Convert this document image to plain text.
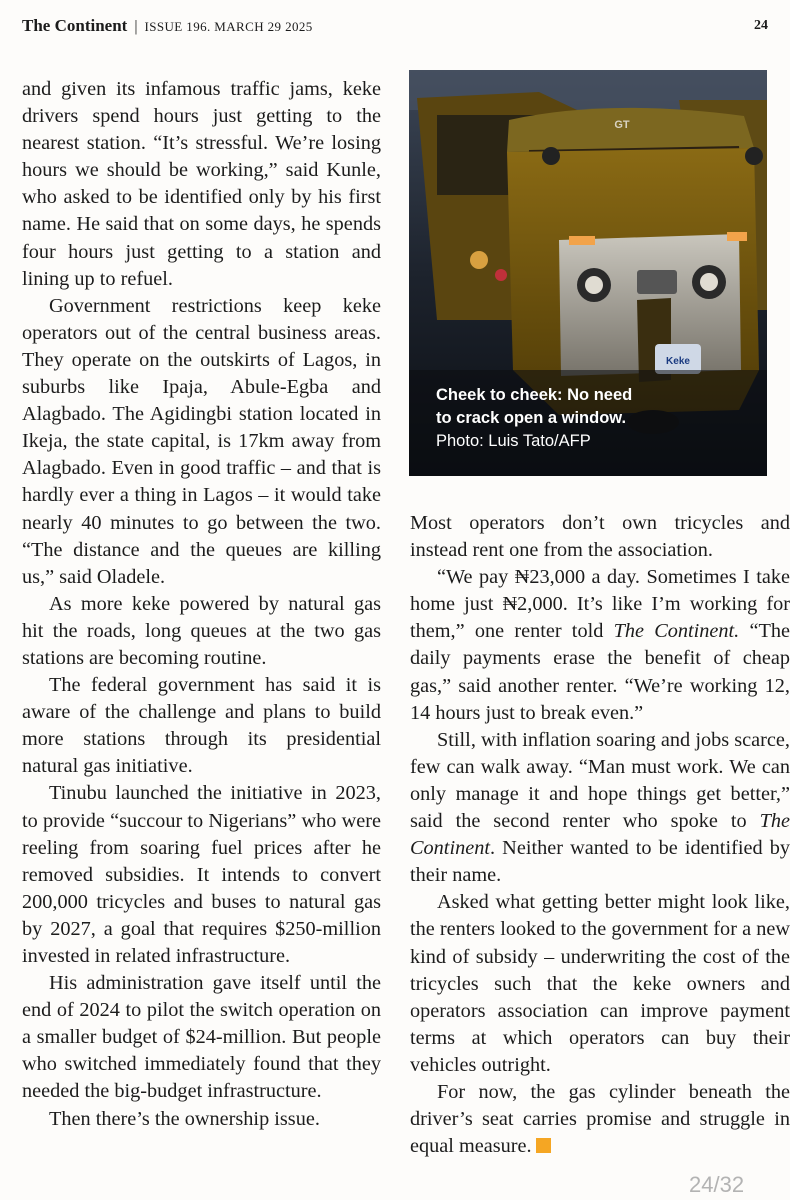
The Continent | ISSUE 196. MARCH 29 2025	24

and given its infamous traffic jams, keke drivers spend hours just getting to the nearest station. “It’s stressful. We’re losing hours we should be working,” said Kunle, who asked to be identified only by his first name. He said that on some days, he spends four hours just getting to a station and lining up to refuel.

Government restrictions keep keke operators out of the central business areas. They operate on the outskirts of Lagos, in suburbs like Ipaja, Abule-Egba and Alagbado. The Agidingbi station located in Ikeja, the state capital, is 17km away from Alagbado. Even in good traffic – and that is hardly ever a thing in Lagos – it would take nearly 40 minutes to go between the two. “The distance and the queues are killing us,” said Oladele.

As more keke powered by natural gas hit the roads, long queues at the two gas stations are becoming routine.

The federal government has said it is aware of the challenge and plans to build more stations through its presidential natural gas initiative.

Tinubu launched the initiative in 2023, to provide “succour to Nigerians” who were reeling from soaring fuel prices after he removed subsidies. It intends to convert 200,000 tricycles and buses to natural gas by 2027, a goal that requires $250-million invested in related infrastructure.

His administration gave itself until the end of 2024 to pilot the switch operation on a smaller budget of $24-million. But people who switched immediately found that they needed the big-budget infrastructure.

Then there’s the ownership issue.

Keke
GT
Cheek to cheek: No need
to crack open a window.
Photo: Luis Tato/AFP

Most operators don’t own tricycles and instead rent one from the association.

“We pay ₦23,000 a day. Sometimes I take home just ₦2,000. It’s like I’m working for them,” one renter told The Continent. “The daily payments erase the benefit of cheap gas,” said another renter. “We’re working 12, 14 hours just to break even.”

Still, with inflation soaring and jobs scarce, few can walk away. “Man must work. We can only manage it and hope things get better,” said the second renter who spoke to The Continent. Neither wanted to be identified by their name.

Asked what getting better might look like, the renters looked to the government for a new kind of subsidy – underwriting the cost of the tricycles such that the keke owners and operators association can improve payment terms at which operators can buy their vehicles outright.

For now, the gas cylinder beneath the driver’s seat carries promise and struggle in equal measure.

24/32
